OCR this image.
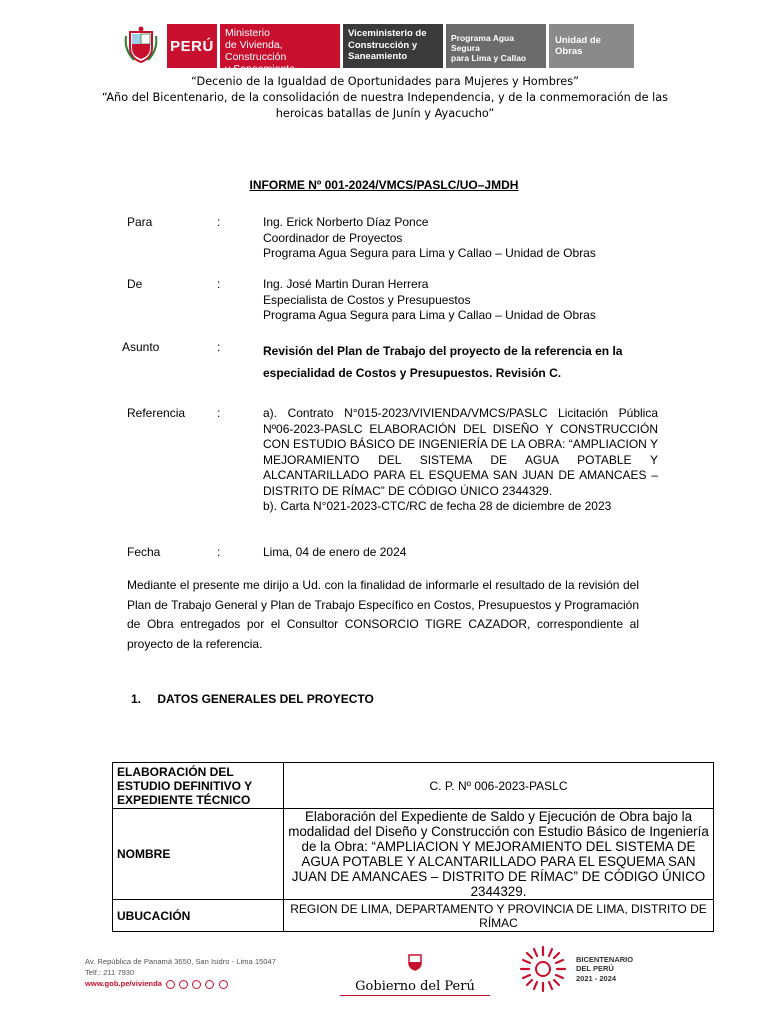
PERÚ
Ministerio
de Vivienda, Construcción
y Saneamiento
Viceministerio de
Construcción y
Saneamiento
Programa Agua Segura
para Lima y Callao
Unidad de Obras
“Decenio de la Igualdad de Oportunidades para Mujeres y Hombres”
“Año del Bicentenario, de la consolidación de nuestra Independencia, y de la conmemoración de las
heroicas batallas de Junín y Ayacucho”
INFORME Nº 001-2024/VMCS/PASLC/UO–JMDH
Para	:	Ing. Erick Norberto Díaz Ponce
Coordinador de Proyectos
Programa Agua Segura para Lima y Callao – Unidad de Obras
De	:	Ing. José Martin Duran Herrera
Especialista de Costos y Presupuestos
Programa Agua Segura para Lima y Callao – Unidad de Obras
Asunto	:	Revisión del Plan de Trabajo del proyecto de la referencia en la
especialidad de Costos y Presupuestos. Revisión C.
Referencia	:	a). Contrato N°015-2023/VIVIENDA/VMCS/PASLC Licitación Pública Nº06-2023-PASLC ELABORACIÓN DEL DISEÑO Y CONSTRUCCIÓN CON ESTUDIO BÁSICO DE INGENIERÍA DE LA OBRA: “AMPLIACION Y MEJORAMIENTO DEL SISTEMA DE AGUA POTABLE Y ALCANTARILLADO PARA EL ESQUEMA SAN JUAN DE AMANCAES – DISTRITO DE RÍMAC” DE CÓDIGO ÚNICO 2344329.
b). Carta N°021-2023-CTC/RC de fecha 28 de diciembre de 2023
Fecha	:	Lima, 04 de enero de 2024
Mediante el presente me dirijo a Ud. con la finalidad de informarle el resultado de la revisión del Plan de Trabajo General y Plan de Trabajo Específico en Costos, Presupuestos y Programación de Obra entregados por el Consultor CONSORCIO TIGRE CAZADOR, correspondiente al proyecto de la referencia.
1. DATOS GENERALES DEL PROYECTO
ELABORACIÓN DEL ESTUDIO DEFINITIVO Y EXPEDIENTE TÉCNICO	C. P. Nº 006-2023-PASLC
NOMBRE	Elaboración del Expediente de Saldo y Ejecución de Obra bajo la modalidad del Diseño y Construcción con Estudio Básico de Ingeniería de la Obra: “AMPLIACION Y MEJORAMIENTO DEL SISTEMA DE AGUA POTABLE Y ALCANTARILLADO PARA EL ESQUEMA SAN JUAN DE AMANCAES – DISTRITO DE RÍMAC” DE CÓDIGO ÚNICO 2344329.
UBUCACIÓN	REGION DE LIMA, DEPARTAMENTO Y PROVINCIA DE LIMA, DISTRITO DE RÍMAC
Av. República de Panamá 3650, San Isidro - Lima 15047
Telf.: 211 7930
www.gob.pe/vivienda	Gobierno del Perú
BICENTENARIO
DEL PERÚ
2021 - 2024
